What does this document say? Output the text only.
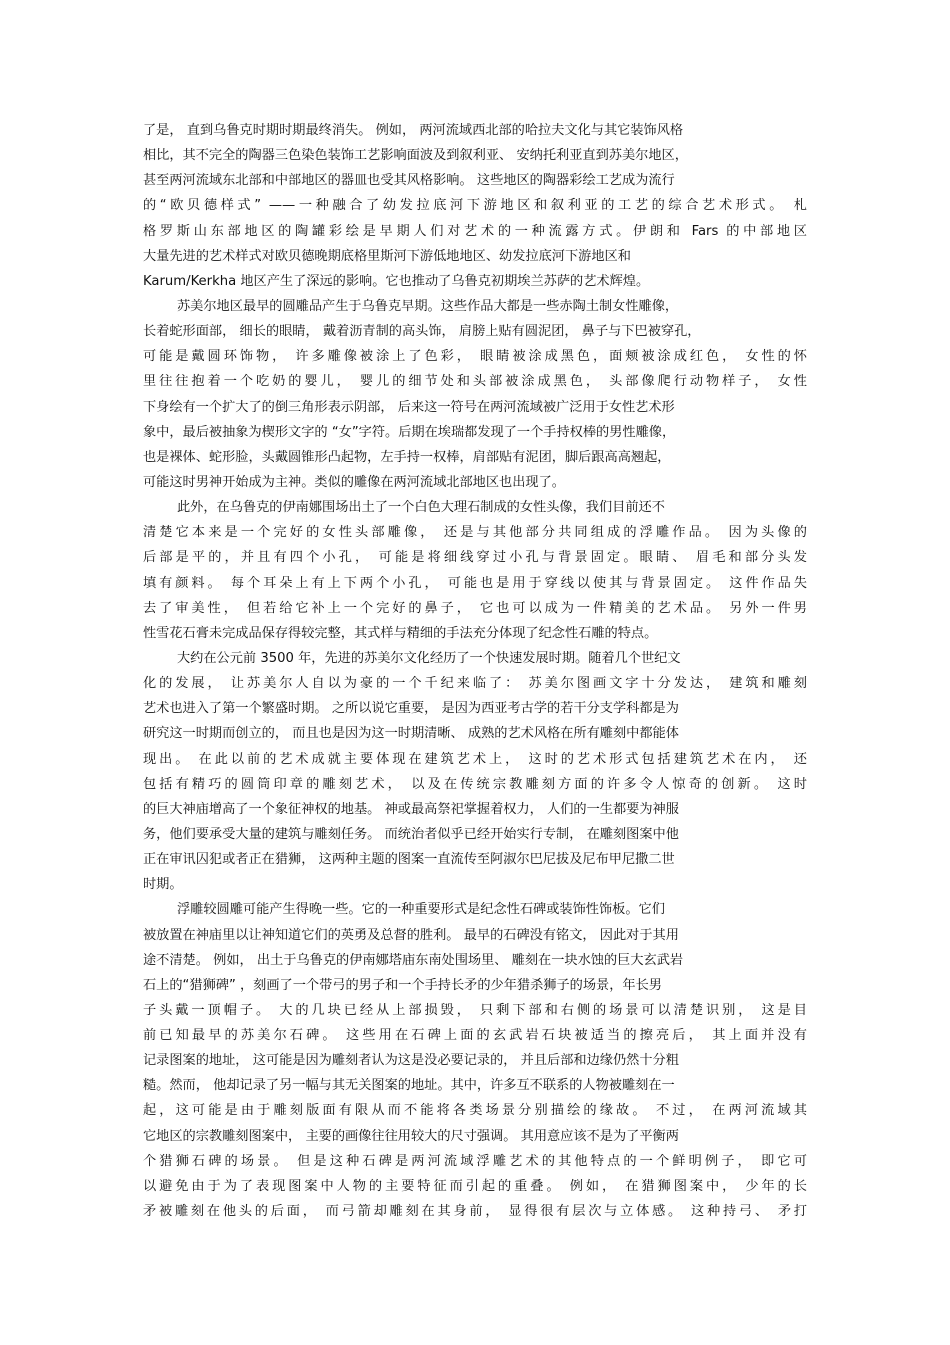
了是， 直到乌鲁克时期时期最终消失。 例如， 两河流域西北部的哈拉夫文化与其它装饰风格
相比，其不完全的陶器三色染色装饰工艺影响面波及到叙利亚、 安纳托利亚直到苏美尔地区，
甚至两河流域东北部和中部地区的器皿也受其风格影响。 这些地区的陶器彩绘工艺成为流行
的“欧贝德样式” ——一种融合了幼发拉底河下游地区和叙利亚的工艺的综合艺术形式。 札
格罗斯山东部地区的陶罐彩绘是早期人们对艺术的一种流露方式。伊朗和 Fars 的中部地区
大量先进的艺术样式对欧贝德晚期底格里斯河下游低地地区、幼发拉底河下游地区和
Karum/Kerkha 地区产生了深远的影响。它也推动了乌鲁克初期埃兰苏萨的艺术辉煌。
苏美尔地区最早的圆雕品产生于乌鲁克早期。这些作品大都是一些赤陶土制女性雕像，
长着蛇形面部， 细长的眼睛， 戴着沥青制的高头饰， 肩膀上贴有圆泥团， 鼻子与下巴被穿孔，
可能是戴圆环饰物， 许多雕像被涂上了色彩， 眼睛被涂成黑色，面颊被涂成红色， 女性的怀
里往往抱着一个吃奶的婴儿， 婴儿的细节处和头部被涂成黑色， 头部像爬行动物样子， 女性
下身绘有一个扩大了的倒三角形表示阴部， 后来这一符号在两河流域被广泛用于女性艺术形
象中，最后被抽象为楔形文字的 “女”字符。后期在埃瑞都发现了一个手持权棒的男性雕像，
也是裸体、蛇形脸，头戴圆锥形凸起物，左手持一权棒，肩部贴有泥团，脚后跟高高翘起，
可能这时男神开始成为主神。类似的雕像在两河流域北部地区也出现了。
此外，在乌鲁克的伊南娜围场出土了一个白色大理石制成的女性头像，我们目前还不
清楚它本来是一个完好的女性头部雕像， 还是与其他部分共同组成的浮雕作品。 因为头像的
后部是平的，并且有四个小孔， 可能是将细线穿过小孔与背景固定。眼睛、 眉毛和部分头发
填有颜料。 每个耳朵上有上下两个小孔， 可能也是用于穿线以使其与背景固定。 这件作品失
去了审美性， 但若给它补上一个完好的鼻子， 它也可以成为一件精美的艺术品。 另外一件男
性雪花石膏未完成品保存得较完整，其式样与精细的手法充分体现了纪念性石雕的特点。
大约在公元前 3500 年，先进的苏美尔文化经历了一个快速发展时期。随着几个世纪文
化的发展， 让苏美尔人自以为豪的一个千纪来临了： 苏美尔图画文字十分发达， 建筑和雕刻
艺术也进入了第一个繁盛时期。 之所以说它重要， 是因为西亚考古学的若干分支学科都是为
研究这一时期而创立的， 而且也是因为这一时期清晰、 成熟的艺术风格在所有雕刻中都能体
现出。 在此以前的艺术成就主要体现在建筑艺术上， 这时的艺术形式包括建筑艺术在内， 还
包括有精巧的圆筒印章的雕刻艺术， 以及在传统宗教雕刻方面的许多令人惊奇的创新。 这时
的巨大神庙增高了一个象征神权的地基。 神或最高祭祀掌握着权力， 人们的一生都要为神服
务，他们要承受大量的建筑与雕刻任务。 而统治者似乎已经开始实行专制， 在雕刻图案中他
正在审讯囚犯或者正在猎狮， 这两种主题的图案一直流传至阿淑尔巴尼拔及尼布甲尼撒二世
时期。
浮雕较圆雕可能产生得晚一些。它的一种重要形式是纪念性石碑或装饰性饰板。它们
被放置在神庙里以让神知道它们的英勇及总督的胜利。 最早的石碑没有铭文， 因此对于其用
途不清楚。 例如， 出土于乌鲁克的伊南娜塔庙东南处围场里、 雕刻在一块水蚀的巨大玄武岩
石上的“猎狮碑” ，刻画了一个带弓的男子和一个手持长矛的少年猎杀狮子的场景，年长男
子头戴一顶帽子。 大的几块已经从上部损毁， 只剩下部和右侧的场景可以清楚识别， 这是目
前已知最早的苏美尔石碑。 这些用在石碑上面的玄武岩石块被适当的擦亮后， 其上面并没有
记录图案的地址， 这可能是因为雕刻者认为这是没必要记录的， 并且后部和边缘仍然十分粗
糙。然而， 他却记录了另一幅与其无关图案的地址。其中，许多互不联系的人物被雕刻在一
起，这可能是由于雕刻版面有限从而不能将各类场景分别描绘的缘故。 不过， 在两河流域其
它地区的宗教雕刻图案中， 主要的画像往往用较大的尺寸强调。 其用意应该不是为了平衡两
个猎狮石碑的场景。 但是这种石碑是两河流域浮雕艺术的其他特点的一个鲜明例子， 即它可
以避免由于为了表现图案中人物的主要特征而引起的重叠。 例如， 在猎狮图案中， 少年的长
矛被雕刻在他头的后面， 而弓箭却雕刻在其身前， 显得很有层次与立体感。 这种持弓、 矛打
